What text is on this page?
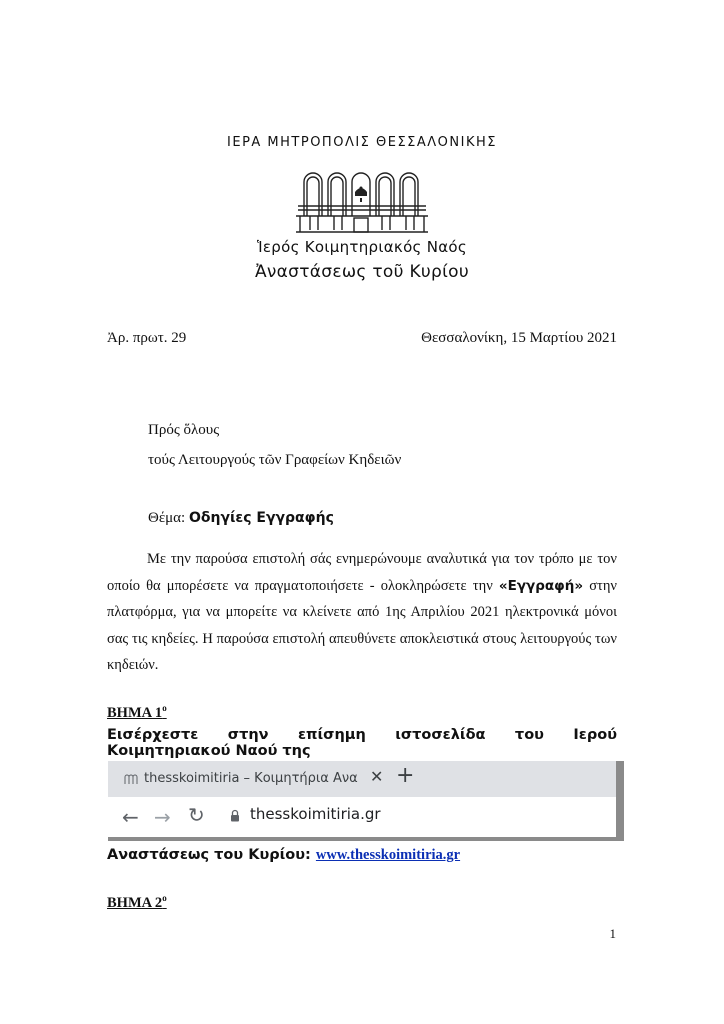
ΙΕΡΑ ΜΗΤΡΟΠΟΛΙΣ ΘΕΣΣΑΛΟΝΙΚΗΣ
Ἱερός Κοιμητηριακός Ναός
Ἀναστάσεως τοῦ Κυρίου
Ἀρ. πρωτ. 29	Θεσσαλονίκη, 15 Μαρτίου 2021
Πρός ὅλους
τούς Λειτουργούς τῶν Γραφείων Κηδειῶν
Θέμα: Οδηγίες Εγγραφής
Με την παρούσα επιστολή σάς ενημερώνουμε αναλυτικά για τον τρόπο με τον οποίο θα μπορέσετε να πραγματοποιήσετε - ολοκληρώσετε την «Εγγραφή» στην πλατφόρμα, για να μπορείτε να κλείνετε από 1ης Απριλίου 2021 ηλεκτρονικά μόνοι σας τις κηδείες. Η παρούσα επιστολή απευθύνετε αποκλειστικά στους λειτουργούς των κηδειών.
ΒΗΜΑ $1^o$
Εισέρχεστε στην επίσημη ιστοσελίδα του Ιερού Κοιμητηριακού Ναού της
thesskoimitiria – Κοιμητήρια Ανα ✕ +
← → ↻	thesskoimitiria.gr
Αναστάσεως του Κυρίου: www.thesskoimitiria.gr
ΒΗΜΑ $2^o$
1
